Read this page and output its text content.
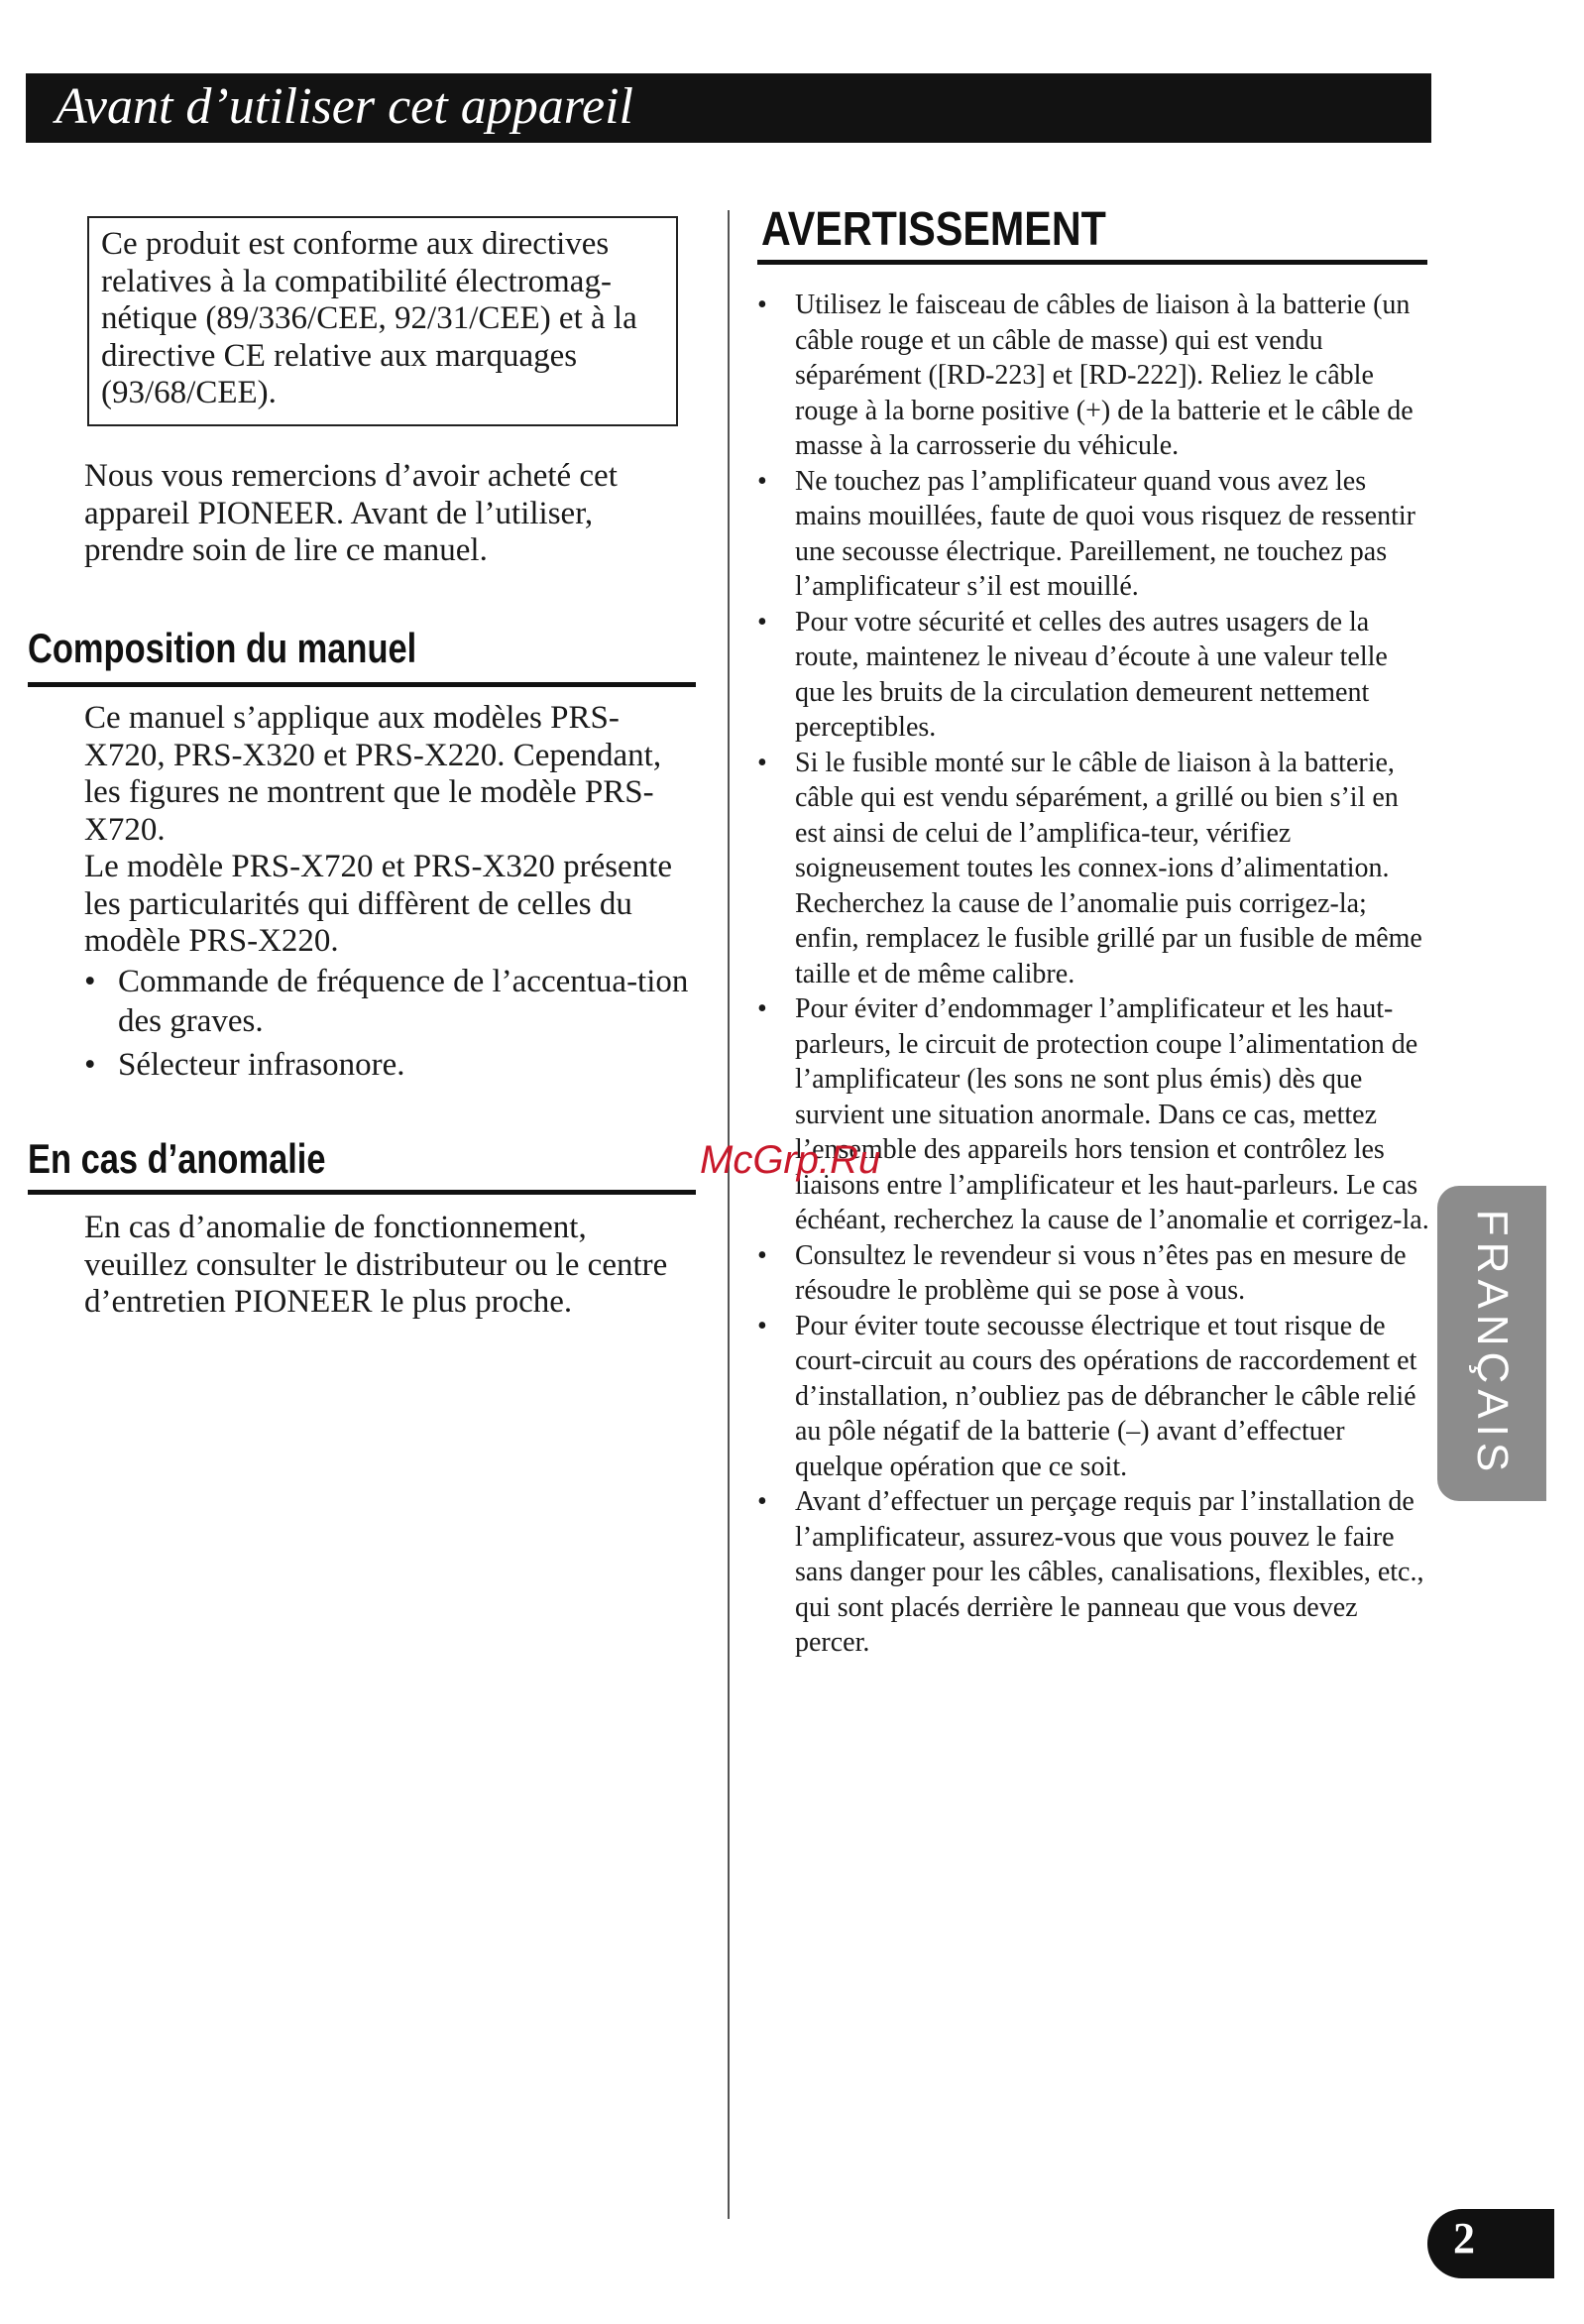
Avant d’utiliser cet appareil
Ce produit est conforme aux directives relatives à la compatibilité électromag-nétique (89/336/CEE, 92/31/CEE) et à la directive CE relative aux marquages (93/68/CEE).

Nous vous remercions d’avoir acheté cet appareil PIONEER. Avant de l’utiliser, prendre soin de lire ce manuel.

Composition du manuel

Ce manuel s’applique aux modèles PRS-X720, PRS-X320 et PRS-X220. Cependant, les figures ne montrent que le modèle PRS-X720.

Le modèle PRS-X720 et PRS-X320 présente les particularités qui diffèrent de celles du modèle PRS-X220.

• Commande de fréquence de l’accentua-tion des graves.
• Sélecteur infrasonore.
En cas d’anomalie

En cas d’anomalie de fonctionnement, veuillez consulter le distributeur ou le centre d’entretien PIONEER le plus proche.

AVERTISSEMENT
• Utilisez le faisceau de câbles de liaison à la batterie (un câble rouge et un câble de masse) qui est vendu séparément ([RD-223] et [RD-222]). Reliez le câble rouge à la borne positive (+) de la batterie et le câble de masse à la carrosserie du véhicule.
• Ne touchez pas l’amplificateur quand vous avez les mains mouillées, faute de quoi vous risquez de ressentir une secousse électrique. Pareillement, ne touchez pas l’amplificateur s’il est mouillé.
• Pour votre sécurité et celles des autres usagers de la route, maintenez le niveau d’écoute à une valeur telle que les bruits de la circulation demeurent nettement perceptibles.
• Si le fusible monté sur le câble de liaison à la batterie, câble qui est vendu séparément, a grillé ou bien s’il en est ainsi de celui de l’amplifica-teur, vérifiez soigneusement toutes les connex-ions d’alimentation. Recherchez la cause de l’anomalie puis corrigez-la; enfin, remplacez le fusible grillé par un fusible de même taille et de même calibre.
• Pour éviter d’endommager l’amplificateur et les haut-parleurs, le circuit de protection coupe l’alimentation de l’amplificateur (les sons ne sont plus émis) dès que survient une situation anormale. Dans ce cas, mettez l’ensemble des appareils hors tension et contrôlez les liaisons entre l’amplificateur et les haut-parleurs. Le cas échéant, recherchez la cause de l’anomalie et corrigez-la.
• Consultez le revendeur si vous n’êtes pas en mesure de résoudre le problème qui se pose à vous.
• Pour éviter toute secousse électrique et tout risque de court-circuit au cours des opérations de raccordement et d’installation, n’oubliez pas de débrancher le câble relié au pôle négatif de la batterie (–) avant d’effectuer quelque opération que ce soit.
• Avant d’effectuer un perçage requis par l’installation de l’amplificateur, assurez-vous que vous pouvez le faire sans danger pour les câbles, canalisations, flexibles, etc., qui sont placés derrière le panneau que vous devez percer.
McGrp.Ru
FRANÇAIS
2
